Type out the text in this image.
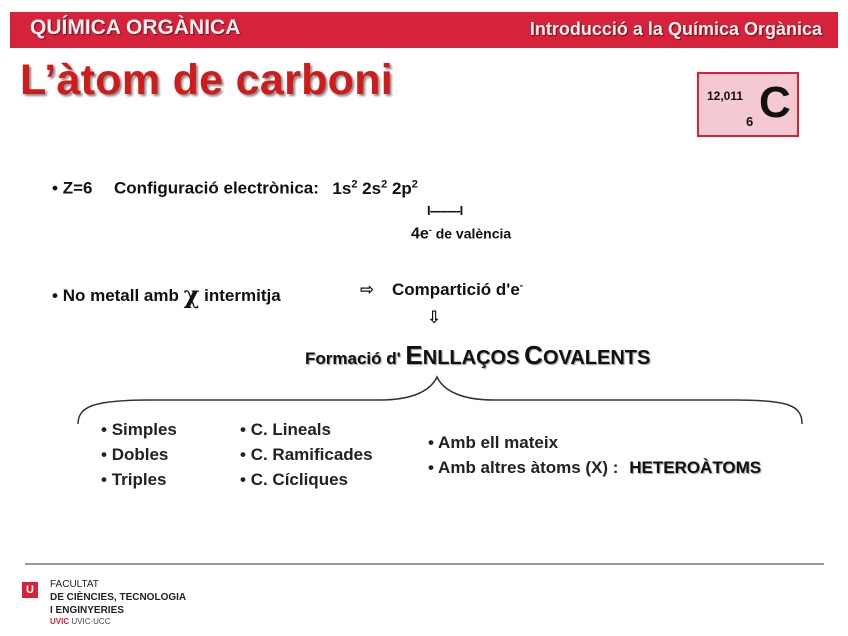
QUÍMICA ORGÀNICA	Introducció a la Química Orgànica
L’àtom de carboni	12,011
6 C
• Z=6 Configuració electrònica: $1s^2$ $2s^2$ $2p^2$
I---------I
4e- de valència
• No metall amb χ intermitja	⇨ Compartició d'e-
⇩
Formació d' ENLLAÇOS COVALENTS
• Simples
• Dobles
• Triples
• C. Lineals
• C. Ramificades
• C. Cícliques
• Amb ell mateix
• Amb altres àtoms (X) : HETEROÀTOMS
U	FACULTAT
DE CIÈNCIES, TECNOLOGIA
I ENGINYERIES
UVIC UVIC·UCC
